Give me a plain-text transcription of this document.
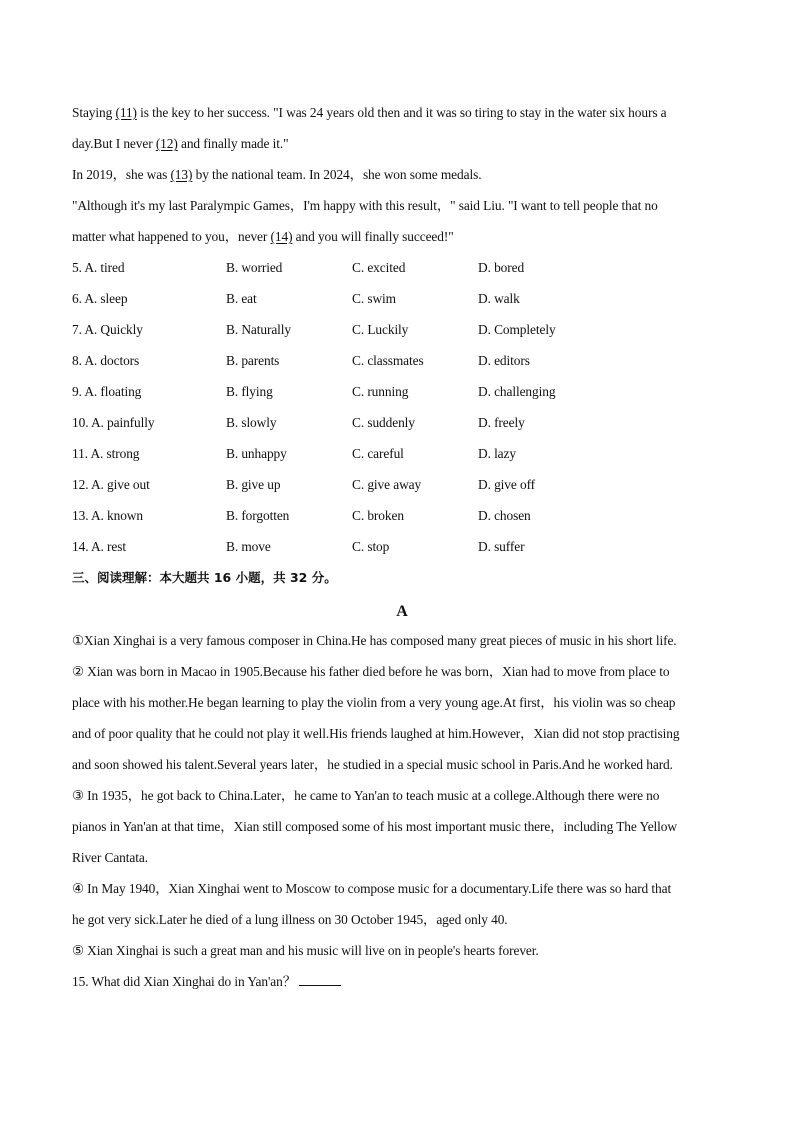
Staying (11) is the key to her success. "I was 24 years old then and it was so tiring to stay in the water six hours a
day.But I never (12) and finally made it."
In 2019，she was (13) by the national team. In 2024，she won some medals.
"Although it's my last Paralympic Games，I'm happy with this result，" said Liu. "I want to tell people that no
matter what happened to you，never (14) and you will finally succeed!"
5. A. tired	B. worried	C. excited	D. bored
6. A. sleep	B. eat	C. swim	D. walk
7. A. Quickly	B. Naturally	C. Luckily	D. Completely
8. A. doctors	B. parents	C. classmates	D. editors
9. A. floating	B. flying	C. running	D. challenging
10. A. painfully	B. slowly	C. suddenly	D. freely
11. A. strong	B. unhappy	C. careful	D. lazy
12. A. give out	B. give up	C. give away	D. give off
13. A. known	B. forgotten	C. broken	D. chosen
14. A. rest	B. move	C. stop	D. suffer
三、阅读理解：本大题共 16 小题，共 32 分。
A
①Xian Xinghai is a very famous composer in China.He has composed many great pieces of music in his short life.
② Xian was born in Macao in 1905.Because his father died before he was born，Xian had to move from place to
place with his mother.He began learning to play the violin from a very young age.At first，his violin was so cheap
and of poor quality that he could not play it well.His friends laughed at him.However，Xian did not stop practising
and soon showed his talent.Several years later，he studied in a special music school in Paris.And he worked hard.
③ In 1935，he got back to China.Later，he came to Yan'an to teach music at a college.Although there were no
pianos in Yan'an at that time，Xian still composed some of his most important music there，including The Yellow
River Cantata.
④ In May 1940，Xian Xinghai went to Moscow to compose music for a documentary.Life there was so hard that
he got very sick.Later he died of a lung illness on 30 October 1945，aged only 40.
⑤ Xian Xinghai is such a great man and his music will live on in people's hearts forever.
15. What did Xian Xinghai do in Yan'an？
